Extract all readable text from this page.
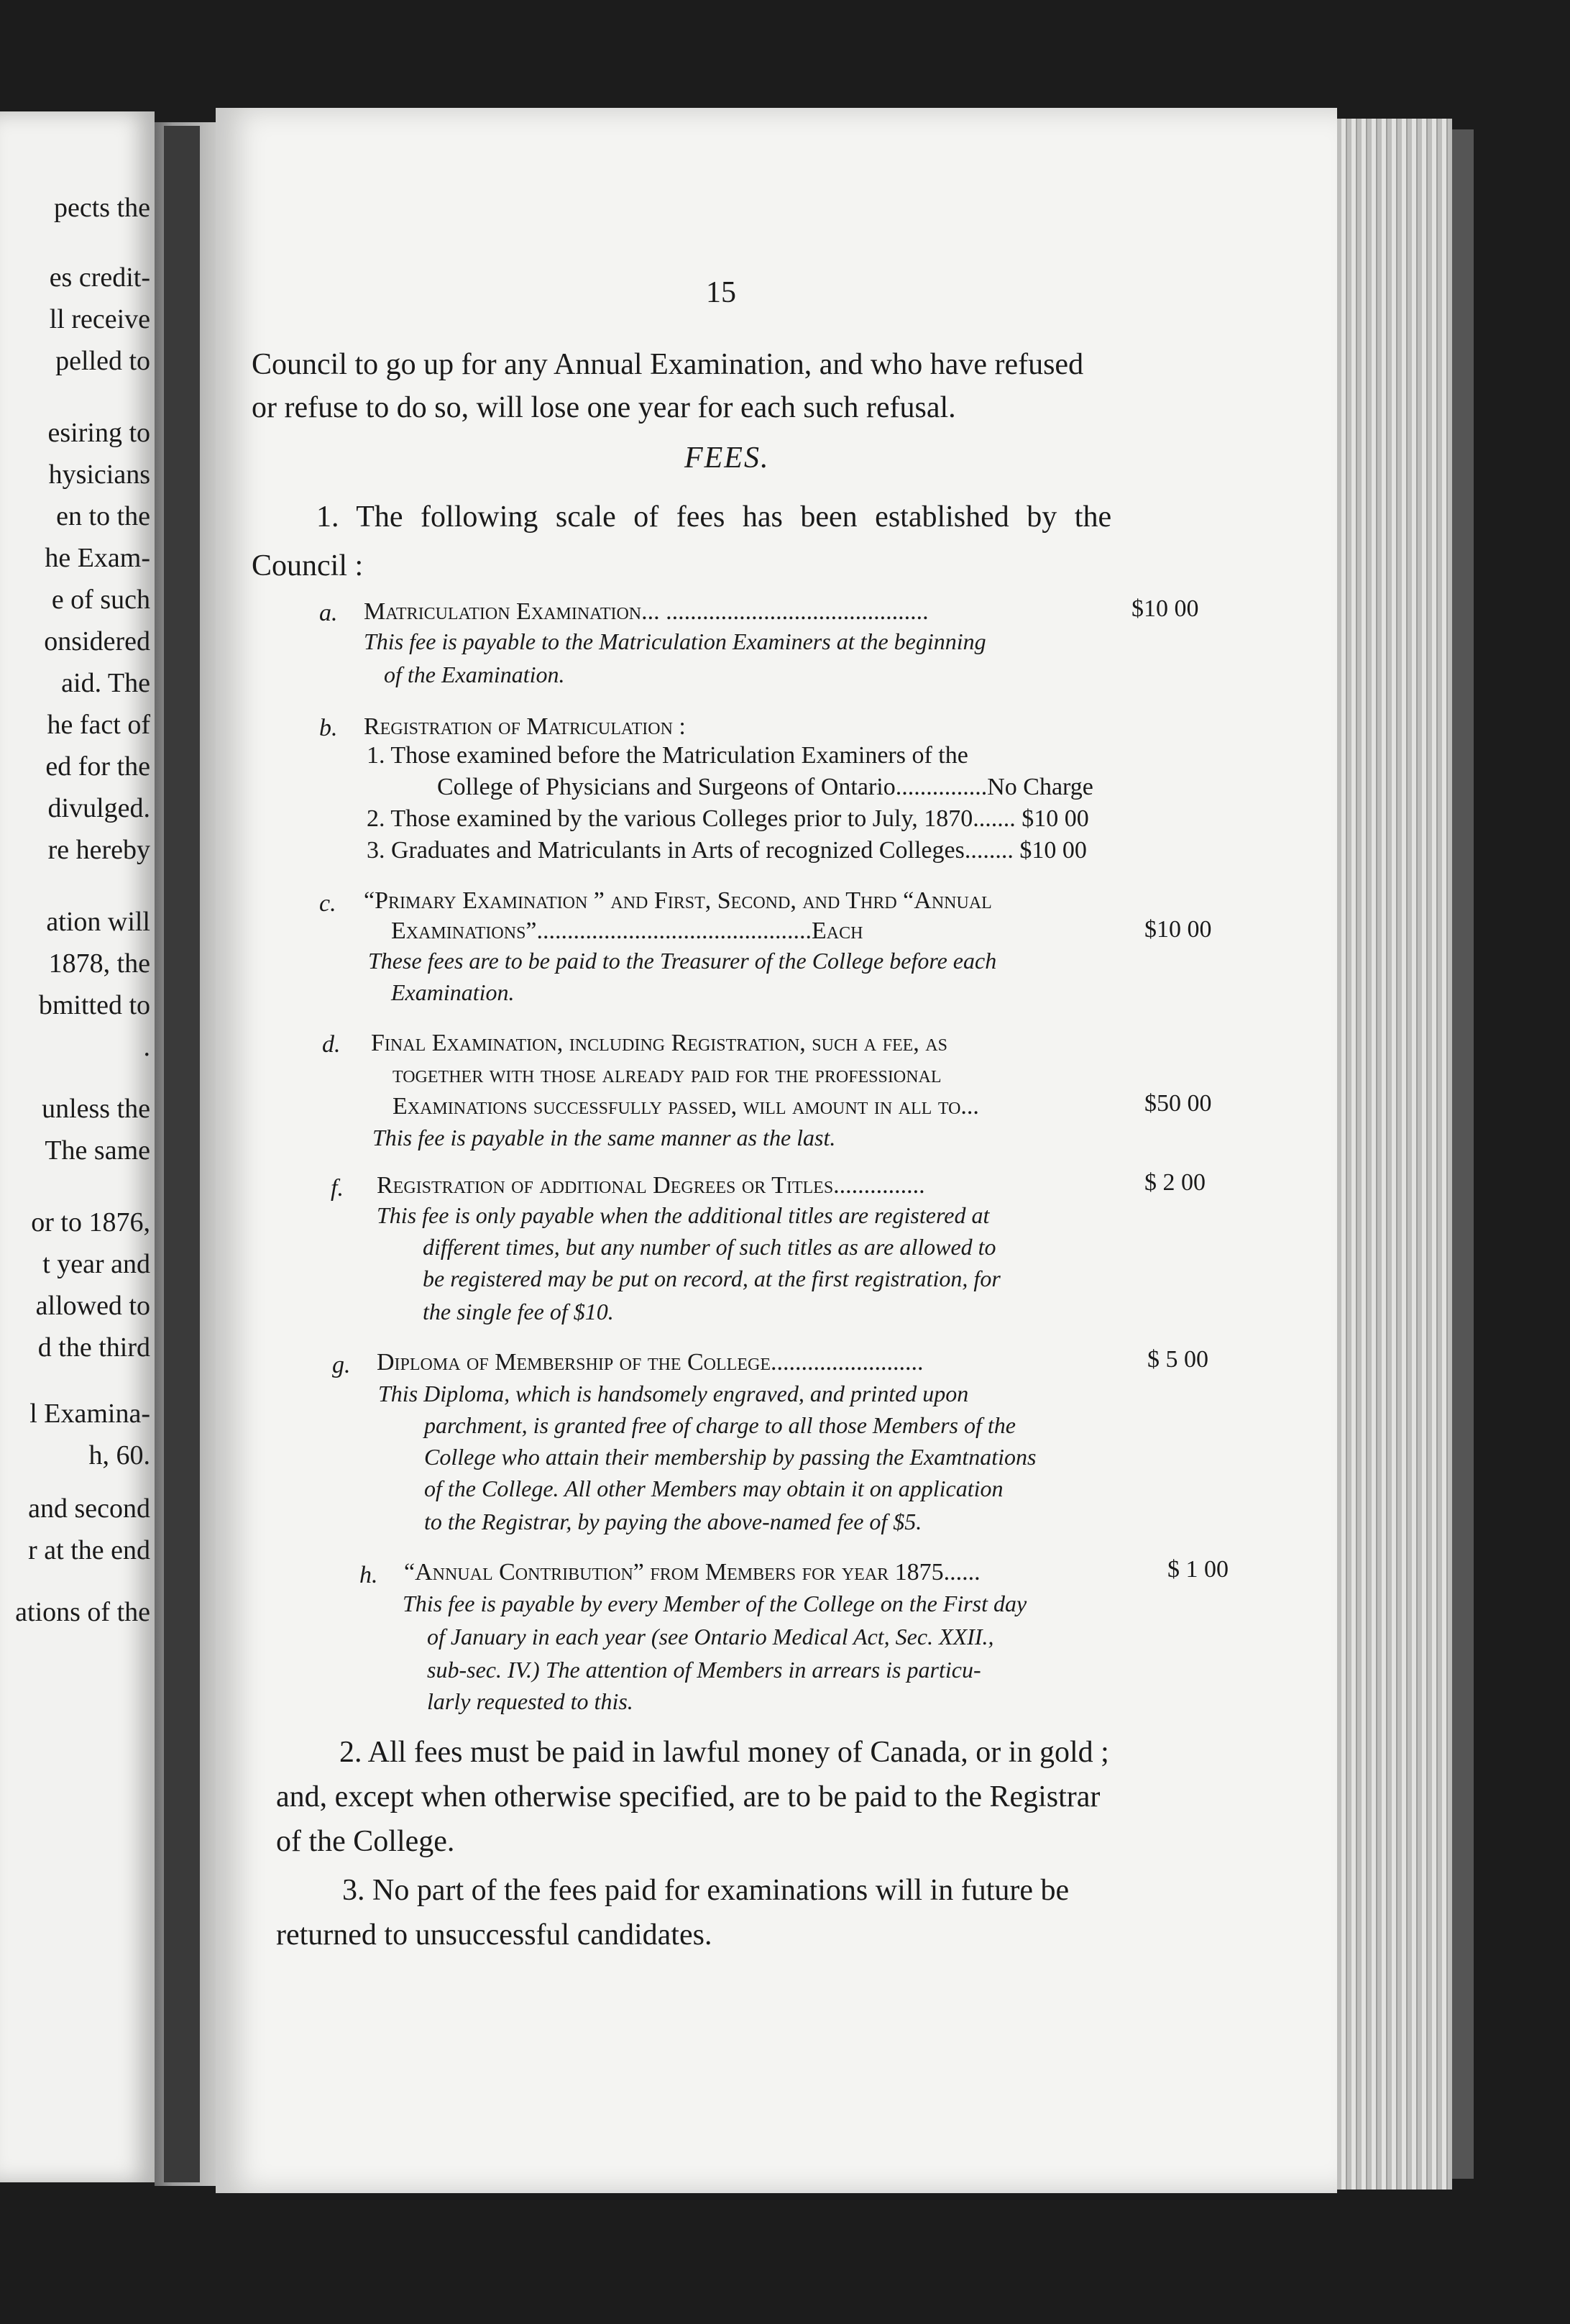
pects the
es credit-
ll receive
pelled to
esiring to
hysicians
en to the
he Exam-
e of such
onsidered
aid. The
he fact of
ed for the
divulged.
re hereby
ation will
1878, the
bmitted to
.
unless the
The same
or to 1876,
t year and
allowed to
d the third
l Examina-
h, 60.
and second
r at the end
ations of the
15
Council to go up for any Annual Examination, and who have refused
or refuse to do so, will lose one year for each such refusal.
FEES.
1. The following scale of fees has been established by the
Council :
a. Matriculation Examination... ...........................................	$10 00
This fee is payable to the Matriculation Examiners at the beginning
of the Examination.
b. Registration of Matriculation :
1. Those examined before the Matriculation Examiners of the
College of Physicians and Surgeons of Ontario...............No Charge
2. Those examined by the various Colleges prior to July, 1870....... $10 00
3. Graduates and Matriculants in Arts of recognized Colleges........ $10 00
c. “Primary Examination ” and First, Second, and Thrd “Annual
Examinations”.............................................Each	$10 00
These fees are to be paid to the Treasurer of the College before each
Examination.
d. Final Examination, including Registration, such a fee, as
together with those already paid for the professional
Examinations successfully passed, will amount in all to...	$50 00
This fee is payable in the same manner as the last.
f. Registration of additional Degrees or Titles...............	$ 2 00
This fee is only payable when the additional titles are registered at
different times, but any number of such titles as are allowed to
be registered may be put on record, at the first registration, for
the single fee of $10.
g. Diploma of Membership of the College.........................	$ 5 00
This Diploma, which is handsomely engraved, and printed upon
parchment, is granted free of charge to all those Members of the
College who attain their membership by passing the Examtnations
of the College. All other Members may obtain it on application
to the Registrar, by paying the above-named fee of $5.
h. “Annual Contribution” from Members for year 1875......	$ 1 00
This fee is payable by every Member of the College on the First day
of January in each year (see Ontario Medical Act, Sec. XXII.,
sub-sec. IV.) The attention of Members in arrears is particu-
larly requested to this.
2. All fees must be paid in lawful money of Canada, or in gold ;
and, except when otherwise specified, are to be paid to the Registrar
of the College.
3. No part of the fees paid for examinations will in future be
returned to unsuccessful candidates.
